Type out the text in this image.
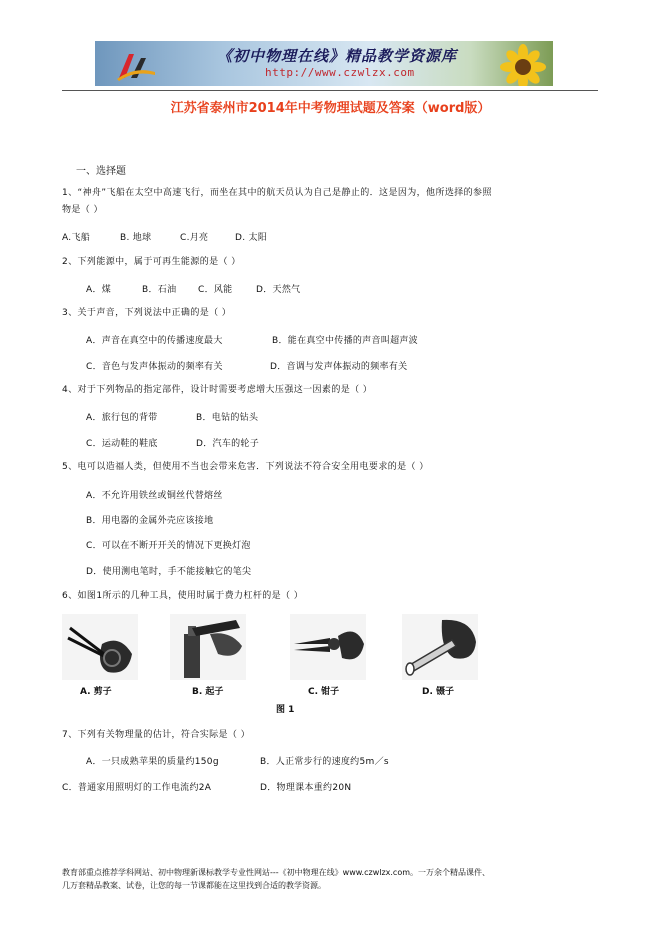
《初中物理在线》精品教学资源库
http://www.czwlzx.com
江苏省泰州市2014年中考物理试题及答案（word版）
一、选择题
1、“神舟”飞船在太空中高速飞行，而坐在其中的航天员认为自己是静止的．这是因为，他所选择的参照
物是（ ）
A.飞船	B. 地球	C.月亮	D. 太阳
2、下列能源中，属于可再生能源的是（ ）
A．煤	B．石油 C．风能	D．天然气
3、关于声音，下列说法中正确的是（ ）
A．声音在真空中的传播速度最大	B．能在真空中传播的声音叫超声波
C．音色与发声体振动的频率有关	D．音调与发声体振动的频率有关
4、对于下列物品的指定部件，设计时需要考虑增大压强这一因素的是（ ）
A．旅行包的背带	B．电钻的钻头
C．运动鞋的鞋底	D．汽车的轮子
5、电可以造福人类，但使用不当也会带来危害．下列说法不符合安全用电要求的是（ ）
A．不允许用铁丝或铜丝代替熔丝
B．用电器的金属外壳应该接地
C．可以在不断开开关的情况下更换灯泡
D．使用测电笔时，手不能接触它的笔尖
6、如图1所示的几种工具，使用时属于费力杠杆的是（ ）
A. 剪子	B. 起子	C. 钳子	D. 镊子
图 1
7、下列有关物理量的估计，符合实际是（ ）
A．一只成熟苹果的质量约150g	B．人正常步行的速度约5m／s
C．普通家用照明灯的工作电流约2A	D．物理课本重约20N
教育部重点推荐学科网站、初中物理新课标教学专业性网站---《初中物理在线》www.czwlzx.com。一万余个精品课件、
几万套精品教案、试卷，让您的每一节课都能在这里找到合适的教学资源。
